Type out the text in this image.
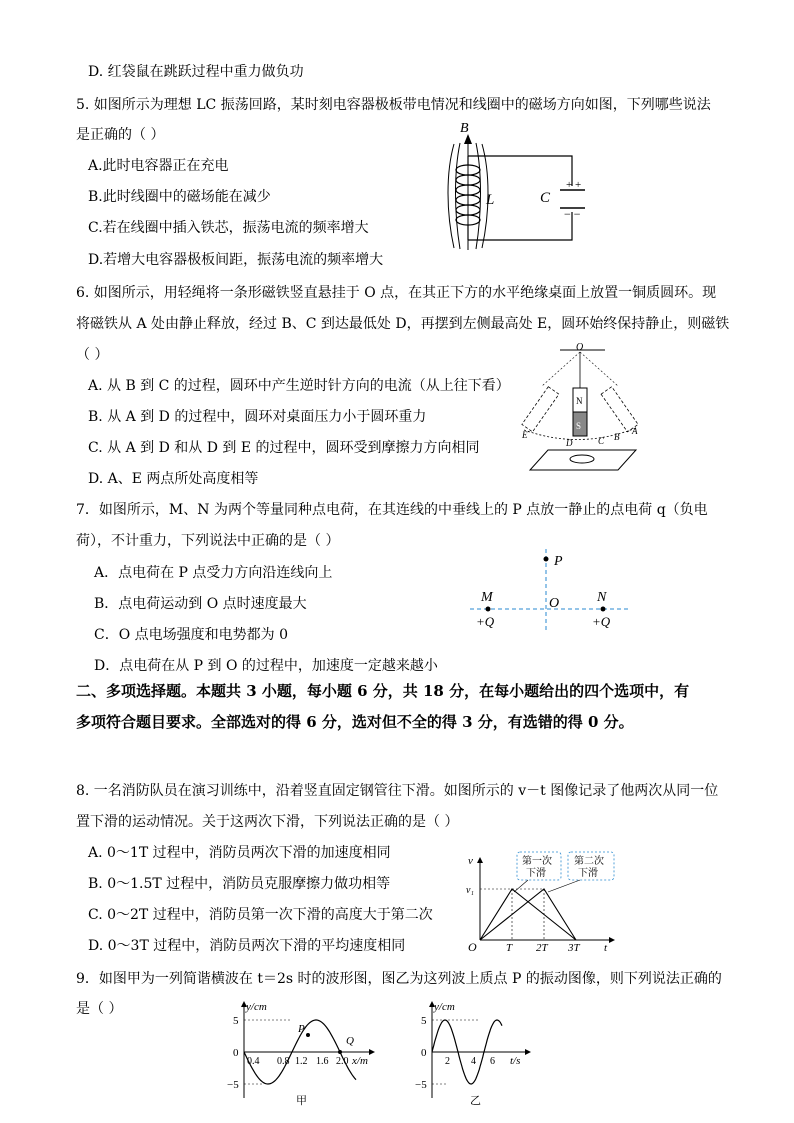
D. 红袋鼠在跳跃过程中重力做负功
5. 如图所示为理想 LC 振荡回路，某时刻电容器极板带电情况和线圈中的磁场方向如图，下列哪些说法
是正确的（ ）
A.此时电容器正在充电
B.此时线圈中的磁场能在减少
C.若在线圈中插入铁芯，振荡电流的频率增大
D.若增大电容器极板间距，振荡电流的频率增大
+ +
− −
B
L	C
6. 如图所示，用轻绳将一条形磁铁竖直悬挂于 O 点，在其正下方的水平绝缘桌面上放置一铜质圆环。现
将磁铁从 A 处由静止释放，经过 B、C 到达最低处 D，再摆到左侧最高处 E，圆环始终保持静止，则磁铁
（ ）
A. 从 B 到 C 的过程，圆环中产生逆时针方向的电流（从上往下看）
B. 从 A 到 D 的过程中，圆环对桌面压力小于圆环重力
C. 从 A 到 D 和从 D 到 E 的过程中，圆环受到摩擦力方向相同
D. A、E 两点所处高度相等
O
N
S
E
D	C B
A
7．如图所示，M、N 为两个等量同种点电荷，在其连线的中垂线上的 P 点放一静止的点电荷 q（负电
荷），不计重力，下列说法中正确的是（ ）
A．点电荷在 P 点受力方向沿连线向上
B．点电荷运动到 O 点时速度最大
C．O 点电场强度和电势都为 0
D．点电荷在从 P 到 O 的过程中，加速度一定越来越小
P
M	O	N
+Q	+Q
二、多项选择题。本题共 3 小题，每小题 6 分，共 18 分，在每小题给出的四个选项中，有
多项符合题目要求。全部选对的得 6 分，选对但不全的得 3 分，有选错的得 0 分。
8. 一名消防队员在演习训练中，沿着竖直固定钢管往下滑。如图所示的 v－t 图像记录了他两次从同一位
置下滑的运动情况。关于这两次下滑，下列说法正确的是（ ）
A. 0～1T 过程中，消防员两次下滑的加速度相同
B. 0～1.5T 过程中，消防员克服摩擦力做功相等
C. 0～2T 过程中，消防员第一次下滑的高度大于第二次
D. 0～3T 过程中，消防员两次下滑的平均速度相同
v
v₁
O	T 2T 3T t
第一次
下滑
第二次
下滑
9．如图甲为一列简谐横波在 t＝2s 时的波形图，图乙为这列波上质点 P 的振动图像，则下列说法正确的
是（ ）	y/cm
x/m
5
0
−5
0.4 0.8 1.2 1.6 2.0
P
Q
甲
y/cm
t/s
5
0
−5
2 4 6
乙
